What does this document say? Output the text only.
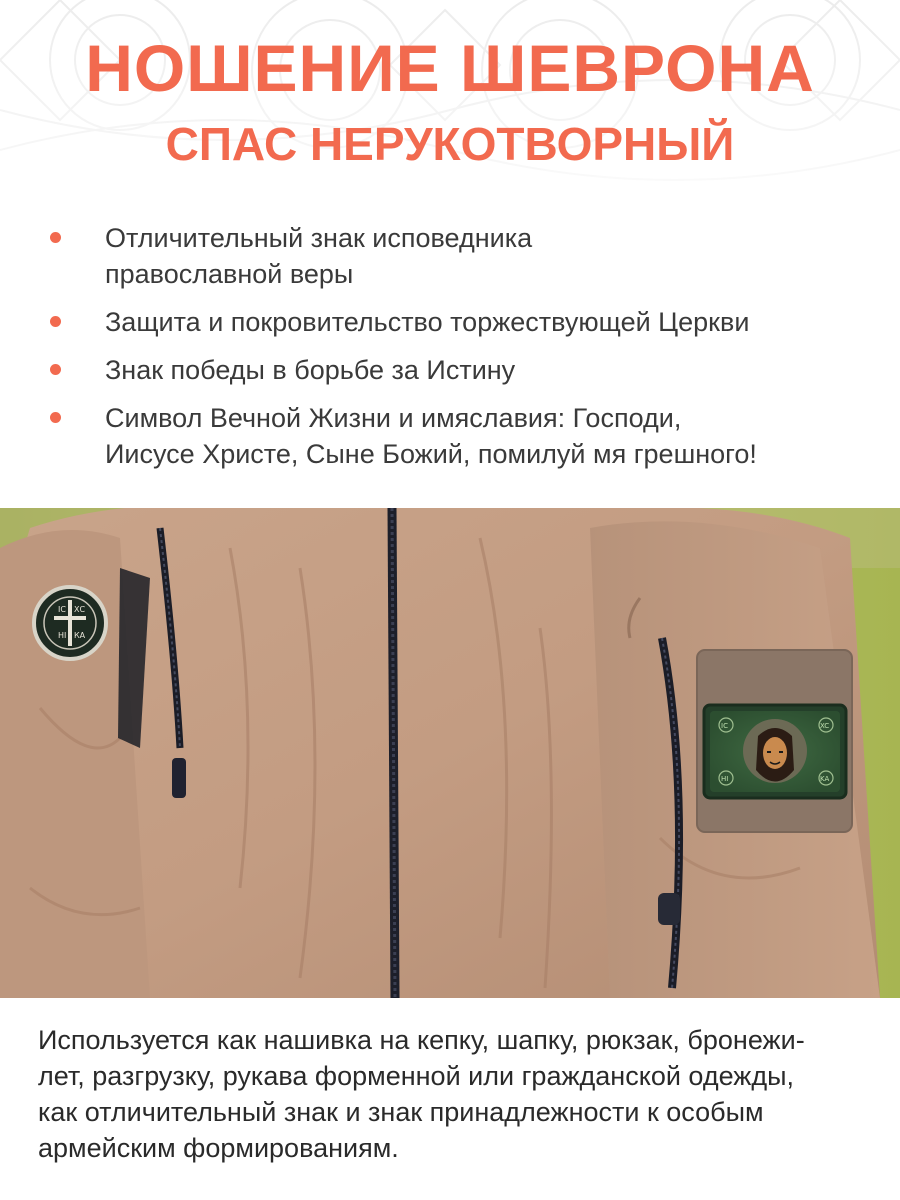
НОШЕНИЕ ШЕВРОНА
СПАС НЕРУКОТВОРНЫЙ
Отличительный знак исповедника
православной веры
Защита и покровительство торжествующей Церкви
Знак победы в борьбе за Истину
Символ Вечной Жизни и имяславия: Господи,
Иисусе Христе, Сыне Божий, помилуй мя грешного!
ІС ХС
НІ КА
IC	XC
HI	KA
Используется как нашивка на кепку, шапку, рюкзак, бронежи-
лет, разгрузку, рукава форменной или гражданской одежды,
как отличительный знак и знак принадлежности к особым
армейским формированиям.
